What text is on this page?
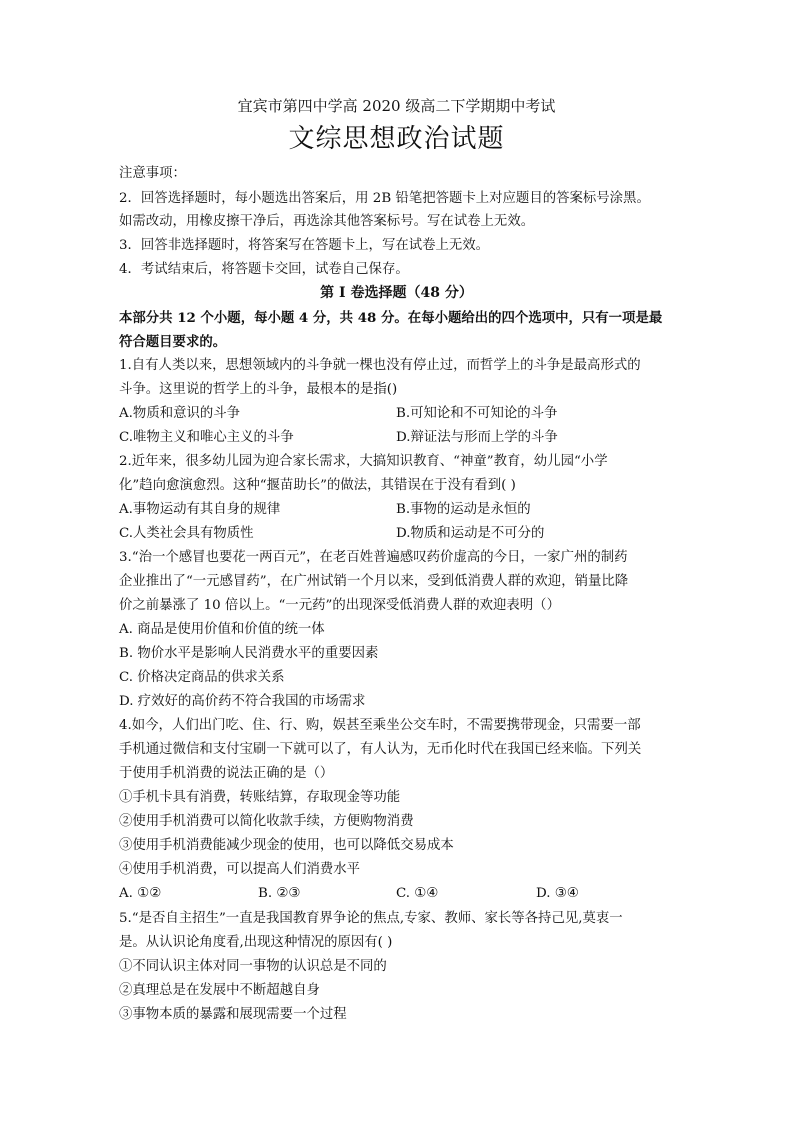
宜宾市第四中学高 2020 级高二下学期期中考试
文综思想政治试题
注意事项：
2．回答选择题时，每小题选出答案后，用 2B 铅笔把答题卡上对应题目的答案标号涂黑。
如需改动，用橡皮擦干净后，再选涂其他答案标号。写在试卷上无效。
3．回答非选择题时，将答案写在答题卡上，写在试卷上无效。
4．考试结束后，将答题卡交回，试卷自己保存。
第 I 卷选择题（48 分）
本部分共 12 个小题，每小题 4 分，共 48 分。在每小题给出的四个选项中，只有一项是最
符合题目要求的。
1.自有人类以来，思想领域内的斗争就一棵也没有停止过，而哲学上的斗争是最高形式的
斗争。这里说的哲学上的斗争，最根本的是指()
A.物质和意识的斗争	B.可知论和不可知论的斗争
C.唯物主义和唯心主义的斗争	D.辩证法与形而上学的斗争
2.近年来，很多幼儿园为迎合家长需求，大搞知识教育、“神童”教育，幼儿园“小学
化”趋向愈演愈烈。这种“揠苗助长”的做法，其错误在于没有看到( )
A.事物运动有其自身的规律	B.事物的运动是永恒的
C.人类社会具有物质性	D.物质和运动是不可分的
3.“治一个感冒也要花一两百元”，在老百姓普遍感叹药价虚高的今日，一家广州的制药
企业推出了“一元感冒药”，在广州试销一个月以来，受到低消费人群的欢迎，销量比降
价之前暴涨了 10 倍以上。“一元药”的出现深受低消费人群的欢迎表明（）
A. 商品是使用价值和价值的统一体
B. 物价水平是影响人民消费水平的重要因素
C. 价格决定商品的供求关系
D. 疗效好的高价药不符合我国的市场需求
4.如今，人们出门吃、住、行、购，娱甚至乘坐公交车时，不需要携带现金，只需要一部
手机通过微信和支付宝刷一下就可以了，有人认为，无币化时代在我国已经来临。下列关
于使用手机消费的说法正确的是（）
①手机卡具有消费，转账结算，存取现金等功能
②使用手机消费可以简化收款手续，方便购物消费
③使用手机消费能减少现金的使用，也可以降低交易成本
④使用手机消费，可以提高人们消费水平
A. ①②	B. ②③	C. ①④	D. ③④
5.“是否自主招生”一直是我国教育界争论的焦点,专家、教师、家长等各持己见,莫衷一
是。从认识论角度看,出现这种情况的原因有( )
①不同认识主体对同一事物的认识总是不同的
②真理总是在发展中不断超越自身
③事物本质的暴露和展现需要一个过程
